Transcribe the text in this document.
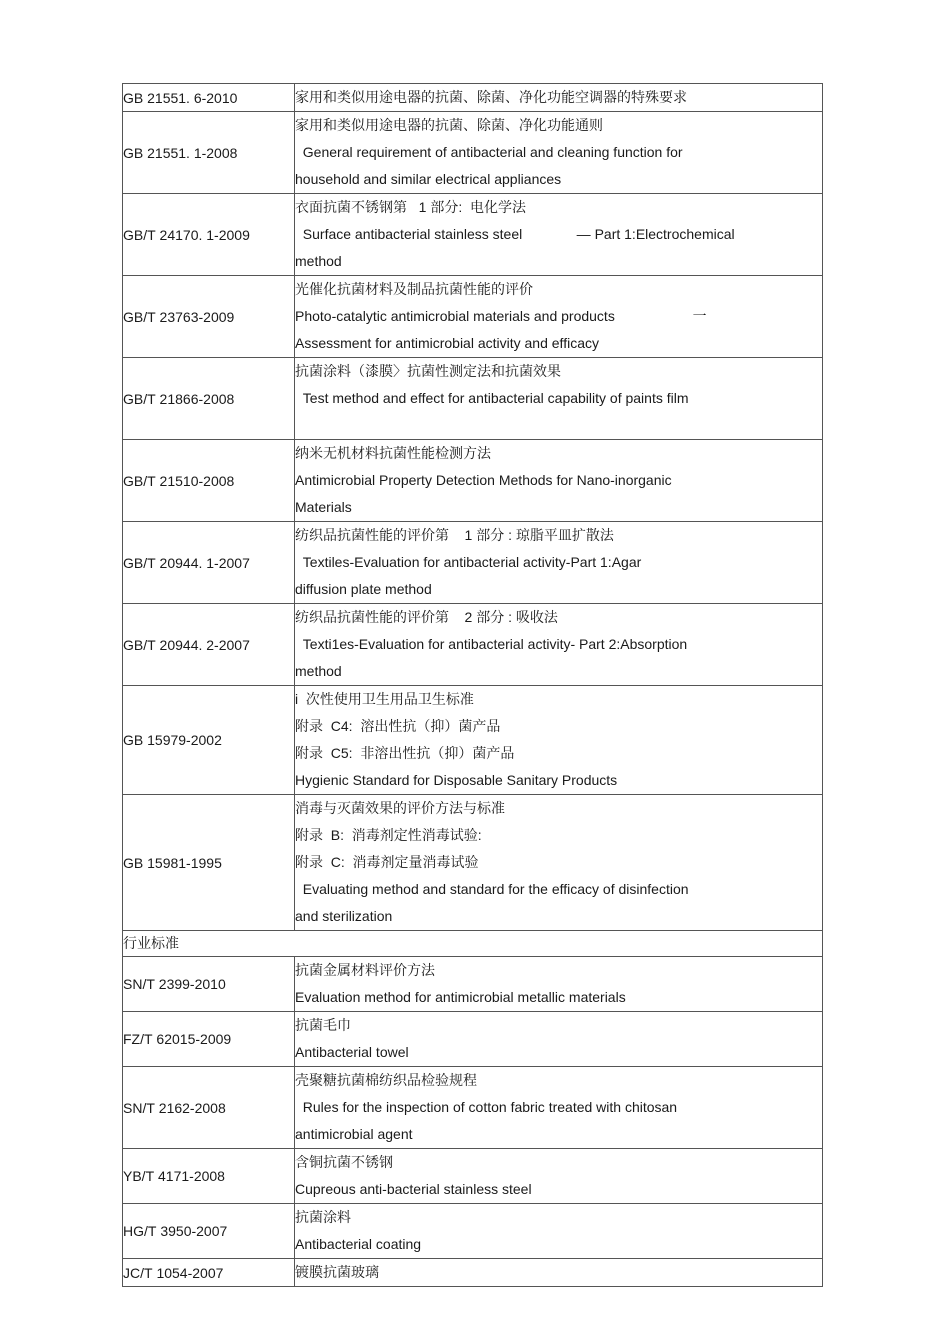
GB 21551. 6-2010	家用和类似用途电器的抗菌、除菌、净化功能空调器的特殊要求

GB 21551. 1-2008	家用和类似用途电器的抗菌、除菌、净化功能通则
General requirement of antibacterial and cleaning function for
household and similar electrical appliances

GB/T 24170. 1-2009	衣面抗菌不锈钢第   1 部分:  电化学法
Surface antibacterial stainless steel              — Part 1:Electrochemical
method

GB/T 23763-2009	光催化抗菌材料及制品抗菌性能的评价
Photo-catalytic antimicrobial materials and products                    一
Assessment for antimicrobial activity and efficacy

GB/T 21866-2008	抗菌涂料（漆膜〉抗菌性测定法和抗菌效果
Test method and effect for antibacterial capability of paints film

GB/T 21510-2008	纳米无机材料抗菌性能检测方法
Antimicrobial Property Detection Methods for Nano-inorganic
Materials

GB/T 20944. 1-2007	纺织品抗菌性能的评价第    1 部分 : 琼脂平皿扩散法
Textiles-Evaluation for antibacterial activity-Part 1:Agar
diffusion plate method

GB/T 20944. 2-2007	纺织品抗菌性能的评价第    2 部分 : 吸收法
Texti1es-Evaluation for antibacterial activity- Part 2:Absorption
method

GB 15979-2002	i  次性使用卫生用品卫生标准
附录  C4:  溶出性抗（抑）菌产品
附录  C5:  非溶出性抗（抑）菌产品
Hygienic Standard for Disposable Sanitary Products

GB 15981-1995	消毒与灭菌效果的评价方法与标准
附录  B:  消毒剂定性消毒试验:
附录  C:  消毒剂定量消毒试验
Evaluating method and standard for the efficacy of disinfection
and sterilization

行业标准	
SN/T 2399-2010	抗菌金属材料评价方法
Evaluation method for antimicrobial metallic materials

FZ/T 62015-2009	抗菌毛巾
Antibacterial towel

SN/T 2162-2008	壳聚糖抗菌棉纺织品检验规程
Rules for the inspection of cotton fabric treated with chitosan
antimicrobial agent

YB/T 4171-2008	含铜抗菌不锈钢
Cupreous anti-bacterial stainless steel

HG/T 3950-2007	抗菌涂料
Antibacterial coating

JC/T 1054-2007	镀膜抗菌玻璃
